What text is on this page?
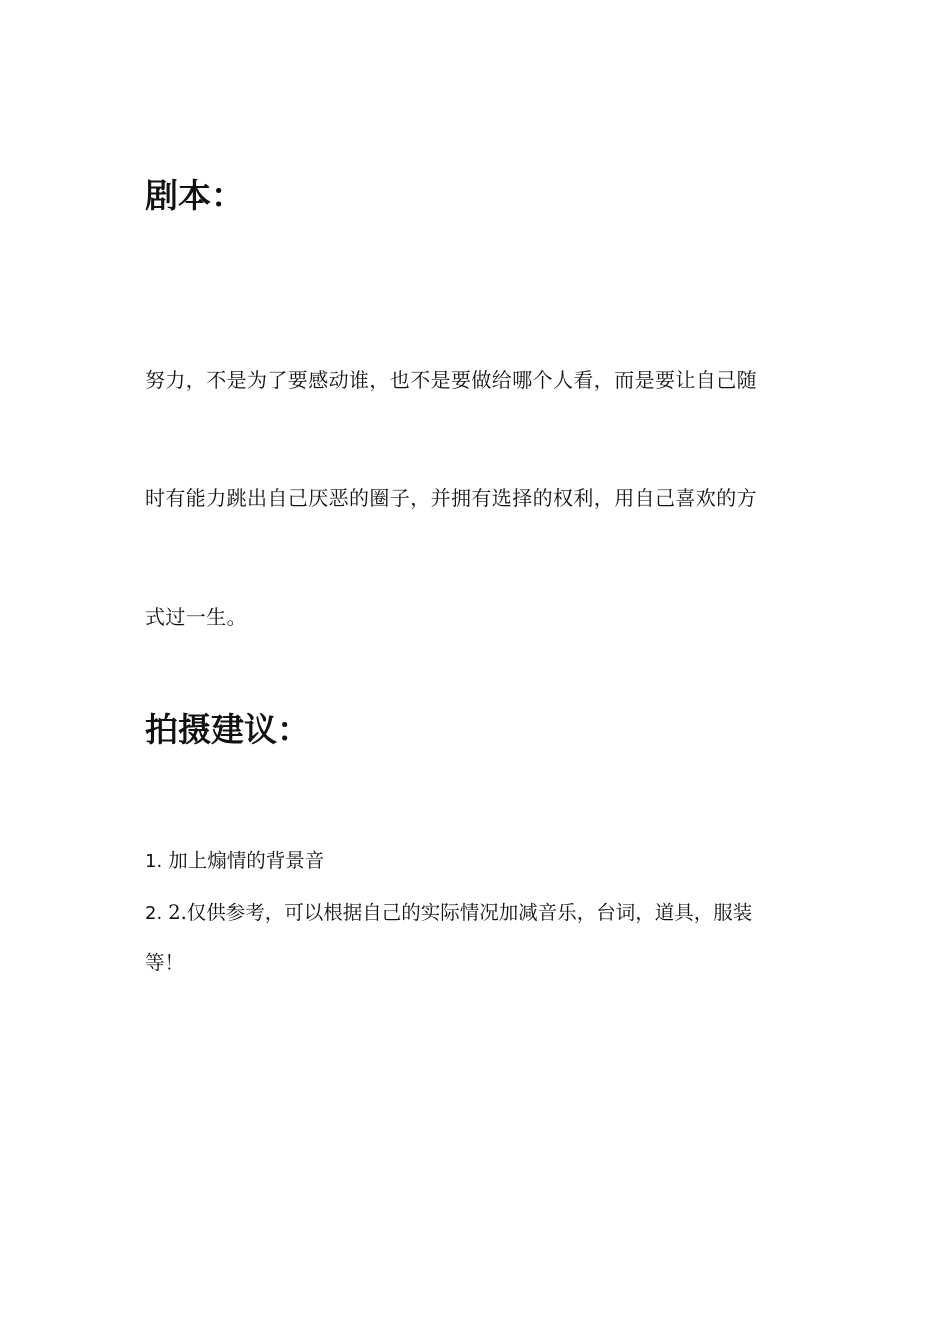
剧本：

努力，不是为了要感动谁，也不是要做给哪个人看，而是要让自己随

时有能力跳出自己厌恶的圈子，并拥有选择的权利，用自己喜欢的方

式过一生。

拍摄建议：
1. 加上煽情的背景音
2. 2.仅供参考，可以根据自己的实际情况加减音乐，台词，道具，服装
等！
